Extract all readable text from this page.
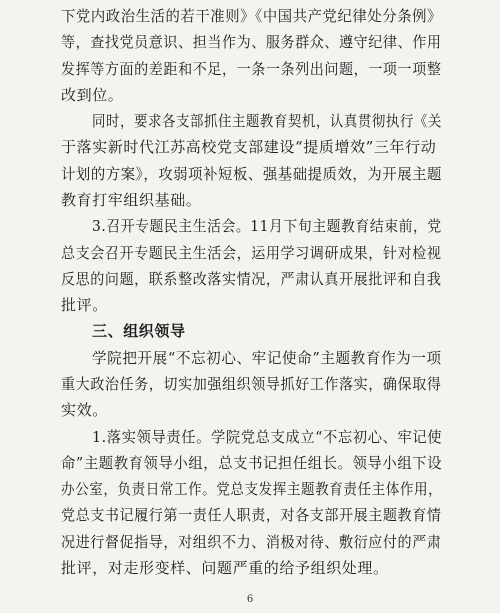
下党内政治生活的若干准则》《中国共产党纪律处分条例》
等，查找党员意识、担当作为、服务群众、遵守纪律、作用
发挥等方面的差距和不足，一条一条列出问题，一项一项整
改到位。
同时，要求各支部抓住主题教育契机，认真贯彻执行《关
于落实新时代江苏高校党支部建设“提质增效”三年行动
计划的方案》，攻弱项补短板、强基础提质效，为开展主题
教育打牢组织基础。
3.召开专题民主生活会。11月下旬主题教育结束前，党
总支会召开专题民主生活会，运用学习调研成果，针对检视
反思的问题，联系整改落实情况，严肃认真开展批评和自我
批评。
三、组织领导
学院把开展“不忘初心、牢记使命”主题教育作为一项
重大政治任务，切实加强组织领导抓好工作落实，确保取得
实效。
1.落实领导责任。学院党总支成立“不忘初心、牢记使
命”主题教育领导小组，总支书记担任组长。领导小组下设
办公室，负责日常工作。党总支发挥主题教育责任主体作用，
党总支书记履行第一责任人职责，对各支部开展主题教育情
况进行督促指导，对组织不力、消极对待、敷衍应付的严肃
批评，对走形变样、问题严重的给予组织处理。
6
